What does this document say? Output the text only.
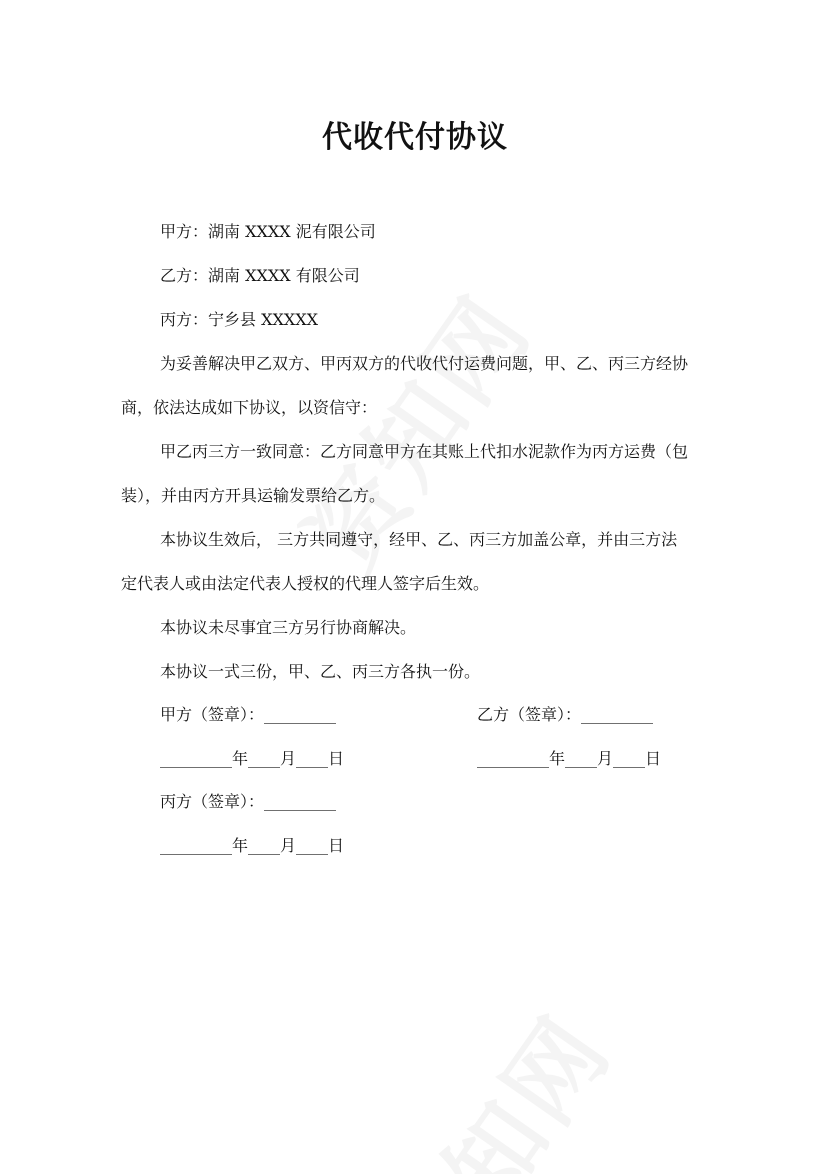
代收代付协议
甲方：湖南 XXXX 泥有限公司
乙方：湖南 XXXX 有限公司
丙方：宁乡县 XXXXX
为妥善解决甲乙双方、甲丙双方的代收代付运费问题，甲、乙、丙三方经协
商，依法达成如下协议，以资信守：
甲乙丙三方一致同意：乙方同意甲方在其账上代扣水泥款作为丙方运费（包
装），并由丙方开具运输发票给乙方。
本协议生效后， 三方共同遵守，经甲、乙、丙三方加盖公章，并由三方法
定代表人或由法定代表人授权的代理人签字后生效。
本协议未尽事宜三方另行协商解决。
本协议一式三份，甲、乙、丙三方各执一份。
甲方（签章）：_________	乙方（签章）：_________
_________年____月____日	_________年____月____日
丙方（签章）：_________
_________年____月____日
